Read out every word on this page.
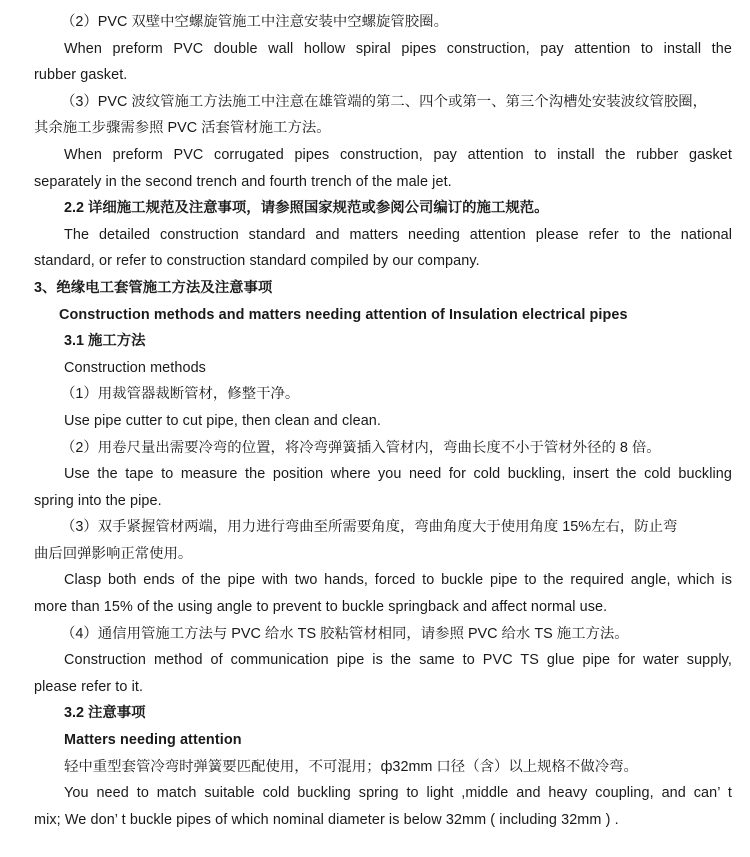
（2）PVC 双壁中空螺旋管施工中注意安装中空螺旋管胶圈。
When preform PVC double wall hollow spiral pipes construction, pay attention to install the
rubber gasket.
（3）PVC 波纹管施工方法施工中注意在雄管端的第二、四个或第一、第三个沟槽处安装波纹管胶圈，
其余施工步骤需参照 PVC 活套管材施工方法。
When preform PVC corrugated pipes construction, pay attention to install the rubber gasket
separately in the second trench and fourth trench of the male jet.
2.2 详细施工规范及注意事项，请参照国家规范或参阅公司编订的施工规范。
The detailed construction standard and matters needing attention please refer to the national
standard, or refer to construction standard compiled by our company.
3、绝缘电工套管施工方法及注意事项
Construction methods and matters needing attention of Insulation electrical pipes
3.1 施工方法
Construction methods
（1）用裁管器裁断管材，修整干净。
Use pipe cutter to cut pipe, then clean and clean.
（2）用卷尺量出需要冷弯的位置，将冷弯弹簧插入管材内，弯曲长度不小于管材外径的 8 倍。
Use the tape to measure the position where you need for cold buckling, insert the cold buckling
spring into the pipe.
（3）双手紧握管材两端，用力进行弯曲至所需要角度，弯曲角度大于使用角度 15%左右，防止弯
曲后回弹影响正常使用。
Clasp both ends of the pipe with two hands, forced to buckle pipe to the required angle, which is
more than 15% of the using angle to prevent to buckle springback and affect normal use.
（4）通信用管施工方法与 PVC 给水 TS 胶粘管材相同，请参照 PVC 给水 TS 施工方法。
Construction method of communication pipe is the same to PVC TS glue pipe for water supply,
please refer to it.
3.2 注意事项
Matters needing attention
轻中重型套管冷弯时弹簧要匹配使用，不可混用；ф32mm 口径（含）以上规格不做冷弯。
You need to match suitable cold buckling spring to light ,middle and heavy coupling, and can’ t
mix; We don’ t buckle pipes of which nominal diameter is below 32mm ( including 32mm ) .
